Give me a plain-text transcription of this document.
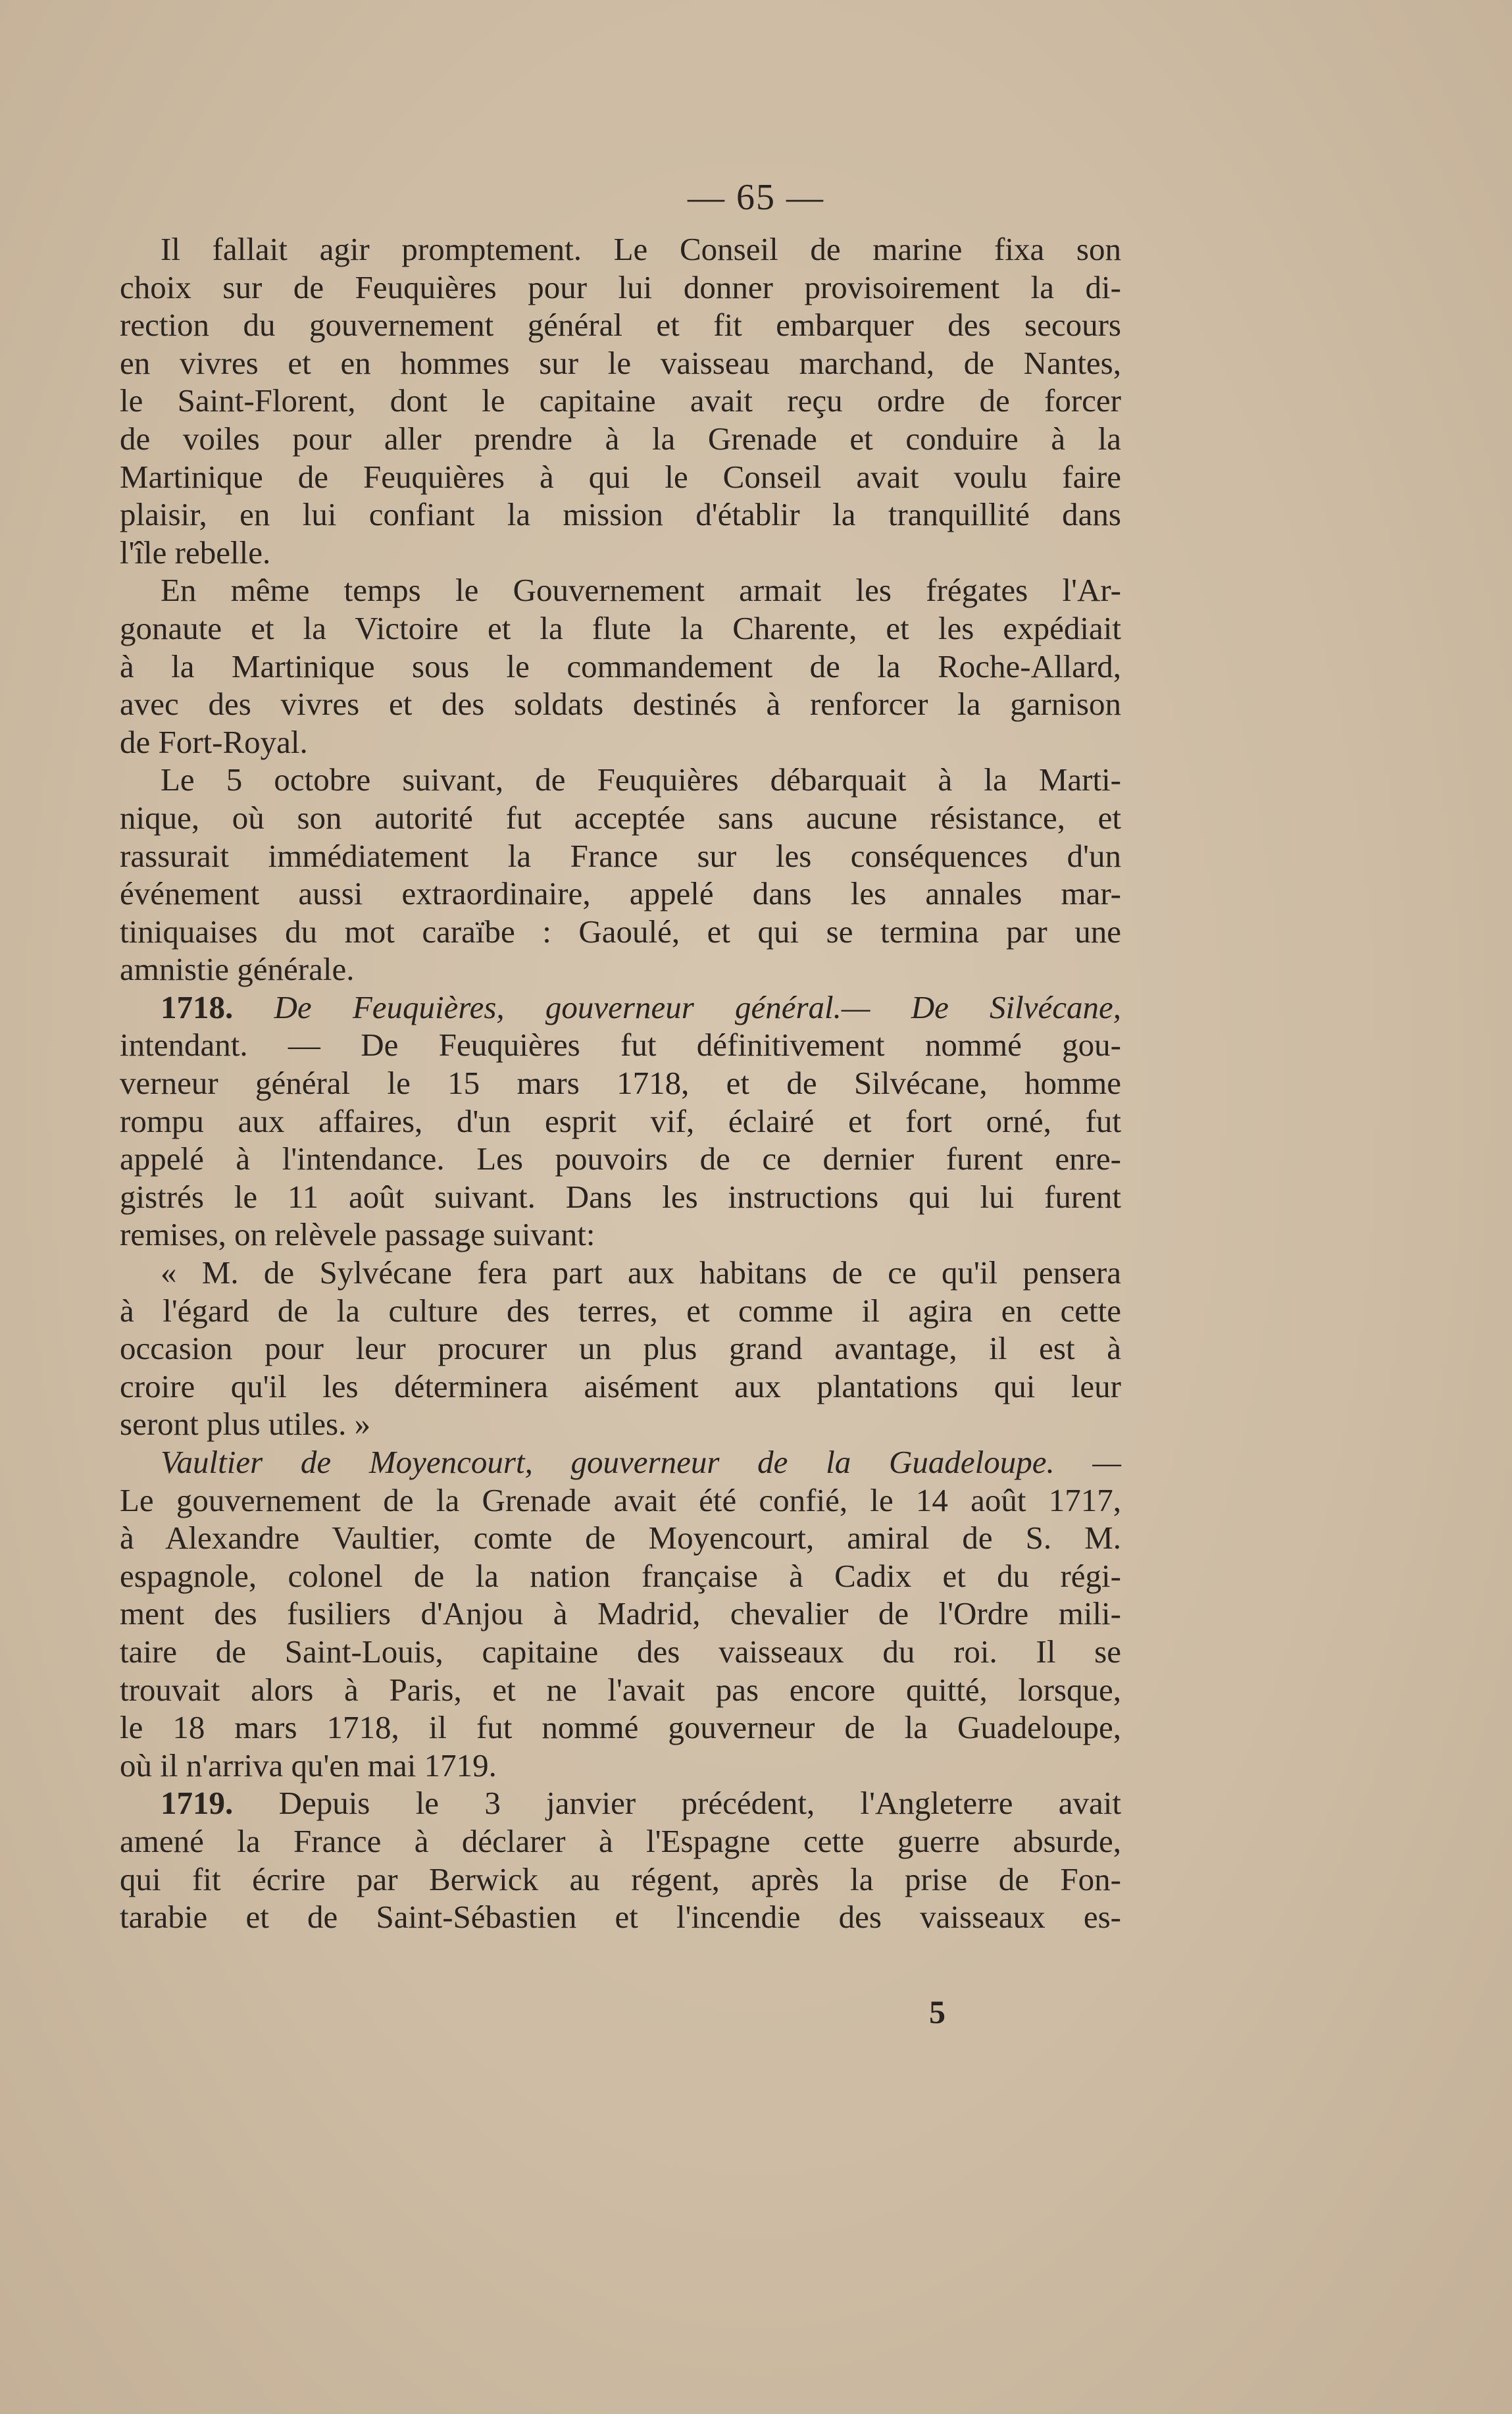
— 65 —
Il fallait agir promptement. Le Conseil de marine fixa son
choix sur de Feuquières pour lui donner provisoirement la di-
rection du gouvernement général et fit embarquer des secours
en vivres et en hommes sur le vaisseau marchand, de Nantes,
le Saint-Florent, dont le capitaine avait reçu ordre de forcer
de voiles pour aller prendre à la Grenade et conduire à la
Martinique de Feuquières à qui le Conseil avait voulu faire
plaisir, en lui confiant la mission d'établir la tranquillité dans
l'île rebelle.
En même temps le Gouvernement armait les frégates l'Ar-
gonaute et la Victoire et la flute la Charente, et les expédiait
à la Martinique sous le commandement de la Roche-Allard,
avec des vivres et des soldats destinés à renforcer la garnison
de Fort-Royal.
Le 5 octobre suivant, de Feuquières débarquait à la Marti-
nique, où son autorité fut acceptée sans aucune résistance, et
rassurait immédiatement la France sur les conséquences d'un
événement aussi extraordinaire, appelé dans les annales mar-
tiniquaises du mot caraïbe : Gaoulé, et qui se termina par une
amnistie générale.
1718. De Feuquières, gouverneur général.— De Silvécane,
intendant. — De Feuquières fut définitivement nommé gou-
verneur général le 15 mars 1718, et de Silvécane, homme
rompu aux affaires, d'un esprit vif, éclairé et fort orné, fut
appelé à l'intendance. Les pouvoirs de ce dernier furent enre-
gistrés le 11 août suivant. Dans les instructions qui lui furent
remises, on relèvele passage suivant:
« M. de Sylvécane fera part aux habitans de ce qu'il pensera
à l'égard de la culture des terres, et comme il agira en cette
occasion pour leur procurer un plus grand avantage, il est à
croire qu'il les déterminera aisément aux plantations qui leur
seront plus utiles. »
Vaultier de Moyencourt, gouverneur de la Guadeloupe. —
Le gouvernement de la Grenade avait été confié, le 14 août 1717,
à Alexandre Vaultier, comte de Moyencourt, amiral de S. M.
espagnole, colonel de la nation française à Cadix et du régi-
ment des fusiliers d'Anjou à Madrid, chevalier de l'Ordre mili-
taire de Saint-Louis, capitaine des vaisseaux du roi. Il se
trouvait alors à Paris, et ne l'avait pas encore quitté, lorsque,
le 18 mars 1718, il fut nommé gouverneur de la Guadeloupe,
où il n'arriva qu'en mai 1719.
1719. Depuis le 3 janvier précédent, l'Angleterre avait
amené la France à déclarer à l'Espagne cette guerre absurde,
qui fit écrire par Berwick au régent, après la prise de Fon-
tarabie et de Saint-Sébastien et l'incendie des vaisseaux es-
5
